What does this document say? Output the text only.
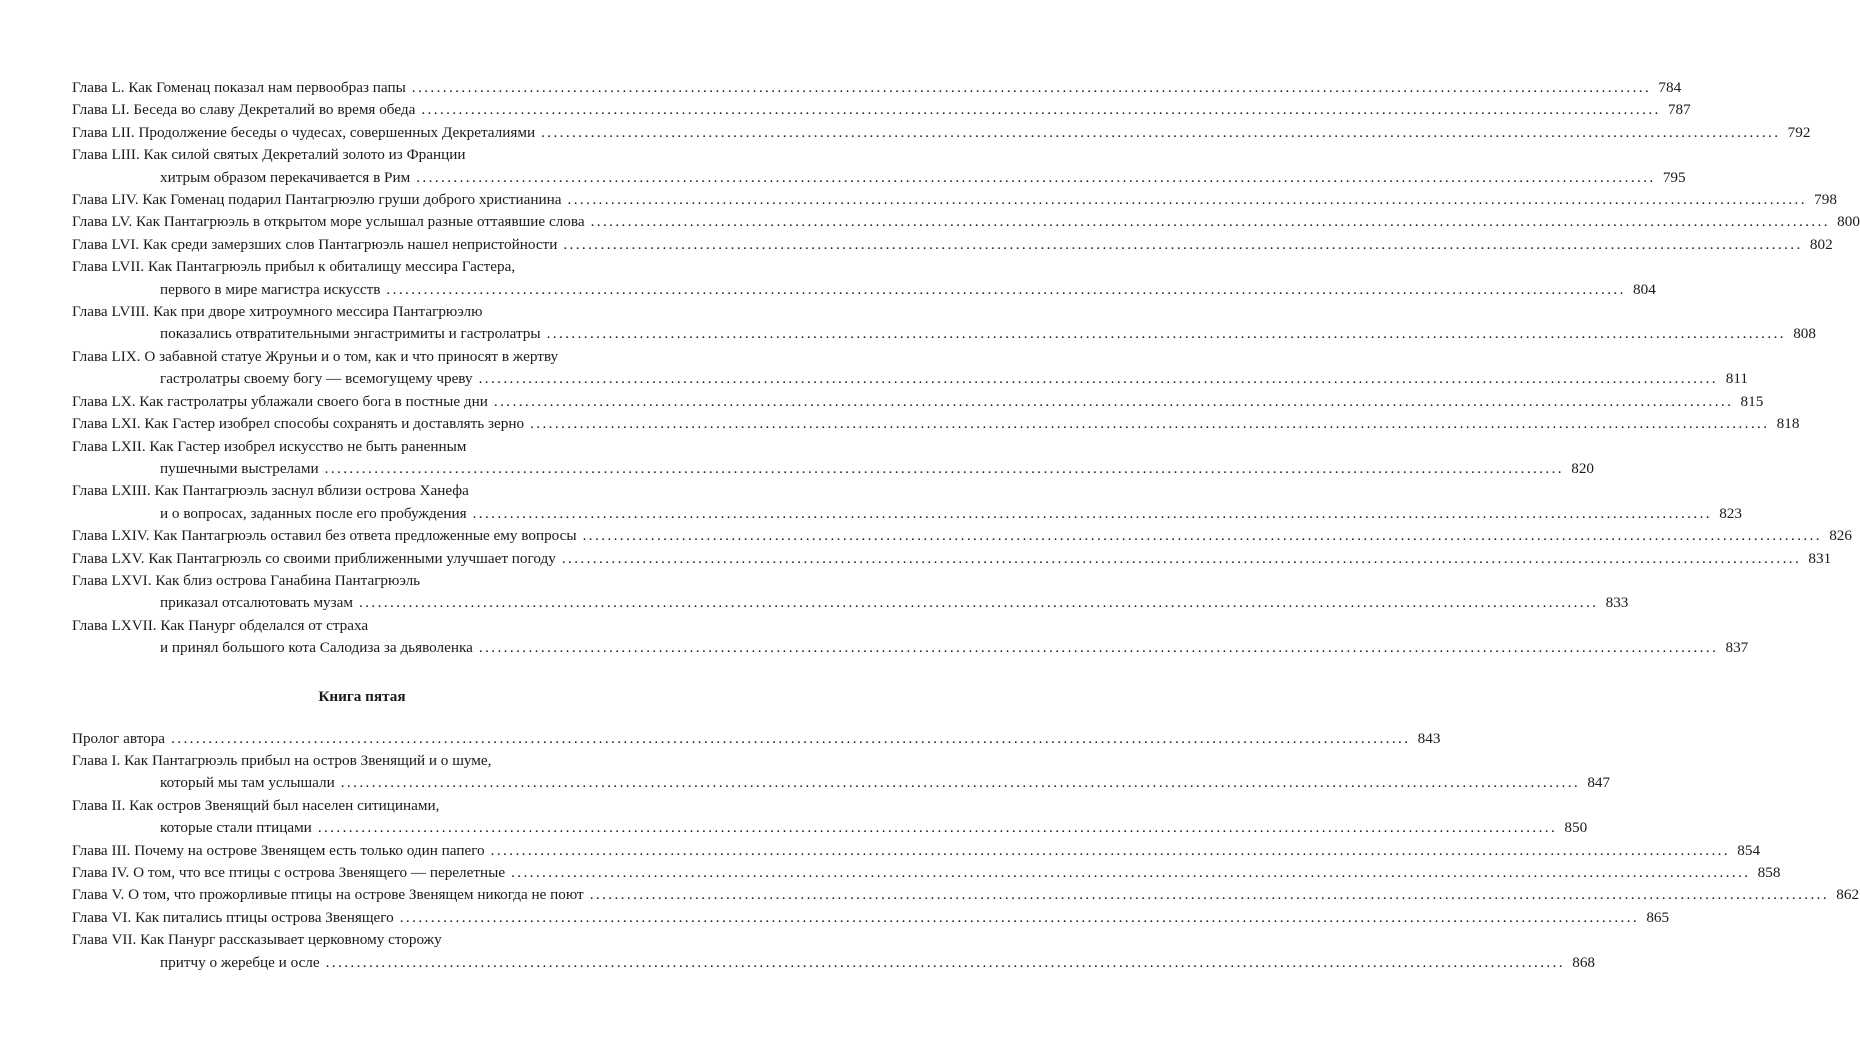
Глава L. Как Гоменац показал нам первообраз папы ........................................................................................................................................................................................................ 784
Глава LI. Беседа во славу Декреталий во время обеда ........................................................................................................................................................................................................ 787
Глава LII. Продолжение беседы о чудесах, совершенных Декреталиями ........................................................................................................................................................................................................ 792
Глава LIII. Как силой святых Декреталий золото из Франции
хитрым образом перекачивается в Рим ........................................................................................................................................................................................................ 795
Глава LIV. Как Гоменац подарил Пантагрюэлю груши доброго христианина ........................................................................................................................................................................................................ 798
Глава LV. Как Пантагрюэль в открытом море услышал разные оттаявшие слова ........................................................................................................................................................................................................ 800
Глава LVI. Как среди замерзших слов Пантагрюэль нашел непристойности ........................................................................................................................................................................................................ 802
Глава LVII. Как Пантагрюэль прибыл к обиталищу мессира Гастера,
первого в мире магистра искусств ........................................................................................................................................................................................................ 804
Глава LVIII. Как при дворе хитроумного мессира Пантагрюэлю
показались отвратительными энгастримиты и гастролатры ........................................................................................................................................................................................................ 808
Глава LIX. О забавной статуе Жруньи и о том, как и что приносят в жертву
гастролатры своему богу — всемогущему чреву ........................................................................................................................................................................................................ 811
Глава LX. Как гастролатры ублажали своего бога в постные дни ........................................................................................................................................................................................................ 815
Глава LXI. Как Гастер изобрел способы сохранять и доставлять зерно ........................................................................................................................................................................................................ 818
Глава LXII. Как Гастер изобрел искусство не быть раненным
пушечными выстрелами ........................................................................................................................................................................................................ 820
Глава LXIII. Как Пантагрюэль заснул вблизи острова Ханефа
и о вопросах, заданных после его пробуждения ........................................................................................................................................................................................................ 823
Глава LXIV. Как Пантагрюэль оставил без ответа предложенные ему вопросы ........................................................................................................................................................................................................ 826
Глава LXV. Как Пантагрюэль со своими приближенными улучшает погоду ........................................................................................................................................................................................................ 831
Глава LXVI. Как близ острова Ганабина Пантагрюэль
приказал отсалютовать музам ........................................................................................................................................................................................................ 833
Глава LXVII. Как Панург обделался от страха
и принял большого кота Салодиза за дьяволенка ........................................................................................................................................................................................................ 837
Книга пятая
Пролог автора ........................................................................................................................................................................................................ 843
Глава I. Как Пантагрюэль прибыл на остров Звенящий и о шуме,
который мы там услышали ........................................................................................................................................................................................................ 847
Глава II. Как остров Звенящий был населен ситицинами,
которые стали птицами ........................................................................................................................................................................................................ 850
Глава III. Почему на острове Звенящем есть только один папего ........................................................................................................................................................................................................ 854
Глава IV. О том, что все птицы с острова Звенящего — перелетные ........................................................................................................................................................................................................ 858
Глава V. О том, что прожорливые птицы на острове Звенящем никогда не поют ........................................................................................................................................................................................................ 862
Глава VI. Как питались птицы острова Звенящего ........................................................................................................................................................................................................ 865
Глава VII. Как Панург рассказывает церковному сторожу
притчу о жеребце и осле ........................................................................................................................................................................................................ 868
